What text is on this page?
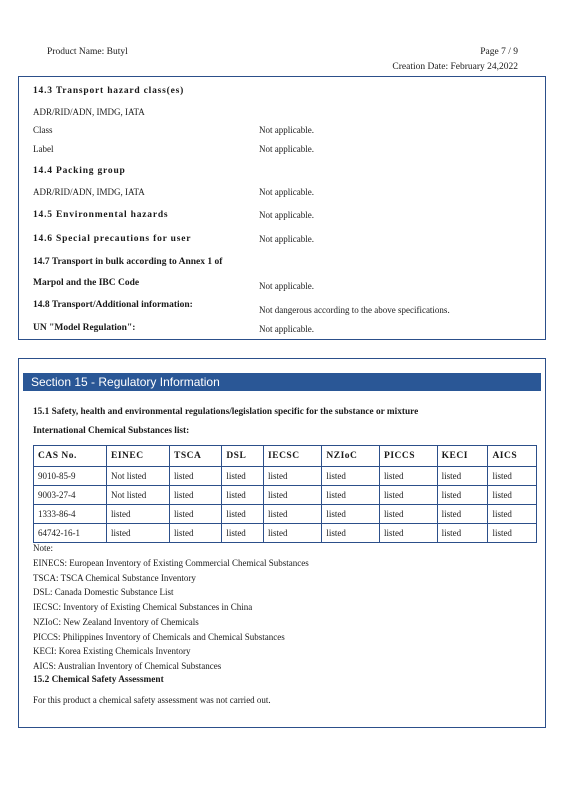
Product Name: Butyl	Page 7 / 9
Creation Date: February 24,2022
14.3 Transport hazard class(es)
ADR/RID/ADN, IMDG, IATA
Class	Not applicable.
Label	Not applicable.
14.4 Packing group
ADR/RID/ADN, IMDG, IATA	Not applicable.
14.5 Environmental hazards	Not applicable.
14.6 Special precautions for user	Not applicable.
14.7 Transport in bulk according to Annex 1 of
Marpol and the IBC Code	Not applicable.
14.8 Transport/Additional information:	Not dangerous according to the above specifications.
UN "Model Regulation":	Not applicable.
Section 15 - Regulatory Information
15.1 Safety, health and environmental regulations/legislation specific for the substance or mixture
International Chemical Substances list:
CAS No.	EINEC	TSCA	DSL	IECSC	NZIoC	PICCS	KECI	AICS
9010-85-9	Not listed	listed	listed	listed	listed	listed	listed	listed
9003-27-4	Not listed	listed	listed	listed	listed	listed	listed	listed
1333-86-4	listed	listed	listed	listed	listed	listed	listed	listed
64742-16-1	listed	listed	listed	listed	listed	listed	listed	listed
Note:
EINECS: European Inventory of Existing Commercial Chemical Substances
TSCA: TSCA Chemical Substance Inventory
DSL: Canada Domestic Substance List
IECSC: Inventory of Existing Chemical Substances in China
NZIoC: New Zealand Inventory of Chemicals
PICCS: Philippines Inventory of Chemicals and Chemical Substances
KECI: Korea Existing Chemicals Inventory
AICS: Australian Inventory of Chemical Substances
15.2 Chemical Safety Assessment
For this product a chemical safety assessment was not carried out.
